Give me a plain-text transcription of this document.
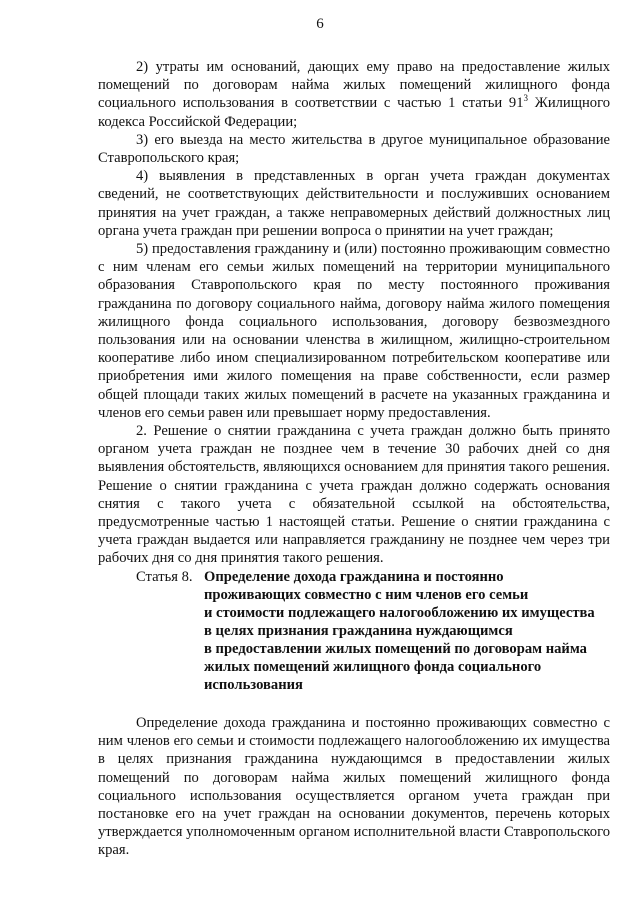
6

2) утраты им оснований, дающих ему право на предоставление жилых помещений по договорам найма жилых помещений жилищного фонда социального использования в соответствии с частью 1 статьи $91^3$ Жилищного кодекса Российской Федерации;

3) его выезда на место жительства в другое муниципальное образование Ставропольского края;

4) выявления в представленных в орган учета граждан документах сведений, не соответствующих действительности и послуживших основанием принятия на учет граждан, а также неправомерных действий должностных лиц органа учета граждан при решении вопроса о принятии на учет граждан;

5) предоставления гражданину и (или) постоянно проживающим совместно с ним членам его семьи жилых помещений на территории муниципального образования Ставропольского края по месту постоянного проживания гражданина по договору социального найма, договору найма жилого помещения жилищного фонда социального использования, договору безвозмездного пользования или на основании членства в жилищном, жилищно-строительном кооперативе либо ином специализированном потребительском кооперативе или приобретения ими жилого помещения на праве собственности, если размер общей площади таких жилых помещений в расчете на указанных гражданина и членов его семьи равен или превышает норму предоставления.

2. Решение о снятии гражданина с учета граждан должно быть принято органом учета граждан не позднее чем в течение 30 рабочих дней со дня выявления обстоятельств, являющихся основанием для принятия такого решения. Решение о снятии гражданина с учета граждан должно содержать основания снятия с такого учета с обязательной ссылкой на обстоятельства, предусмотренные частью 1 настоящей статьи. Решение о снятии гражданина с учета граждан выдается или направляется гражданину не позднее чем через три рабочих дня со дня принятия такого решения.

Статья 8. Определение дохода гражданина и постоянно
проживающих совместно с ним членов его семьи
и стоимости подлежащего налогообложению их имущества
в целях признания гражданина нуждающимся
в предоставлении жилых помещений по договорам найма
жилых помещений жилищного фонда социального
использования

Определение дохода гражданина и постоянно проживающих совместно с ним членов его семьи и стоимости подлежащего налогообложению их имущества в целях признания гражданина нуждающимся в предоставлении жилых помещений по договорам найма жилых помещений жилищного фонда социального использования осуществляется органом учета граждан при постановке его на учет граждан на основании документов, перечень которых утверждается уполномоченным органом исполнительной власти Ставропольского края.
